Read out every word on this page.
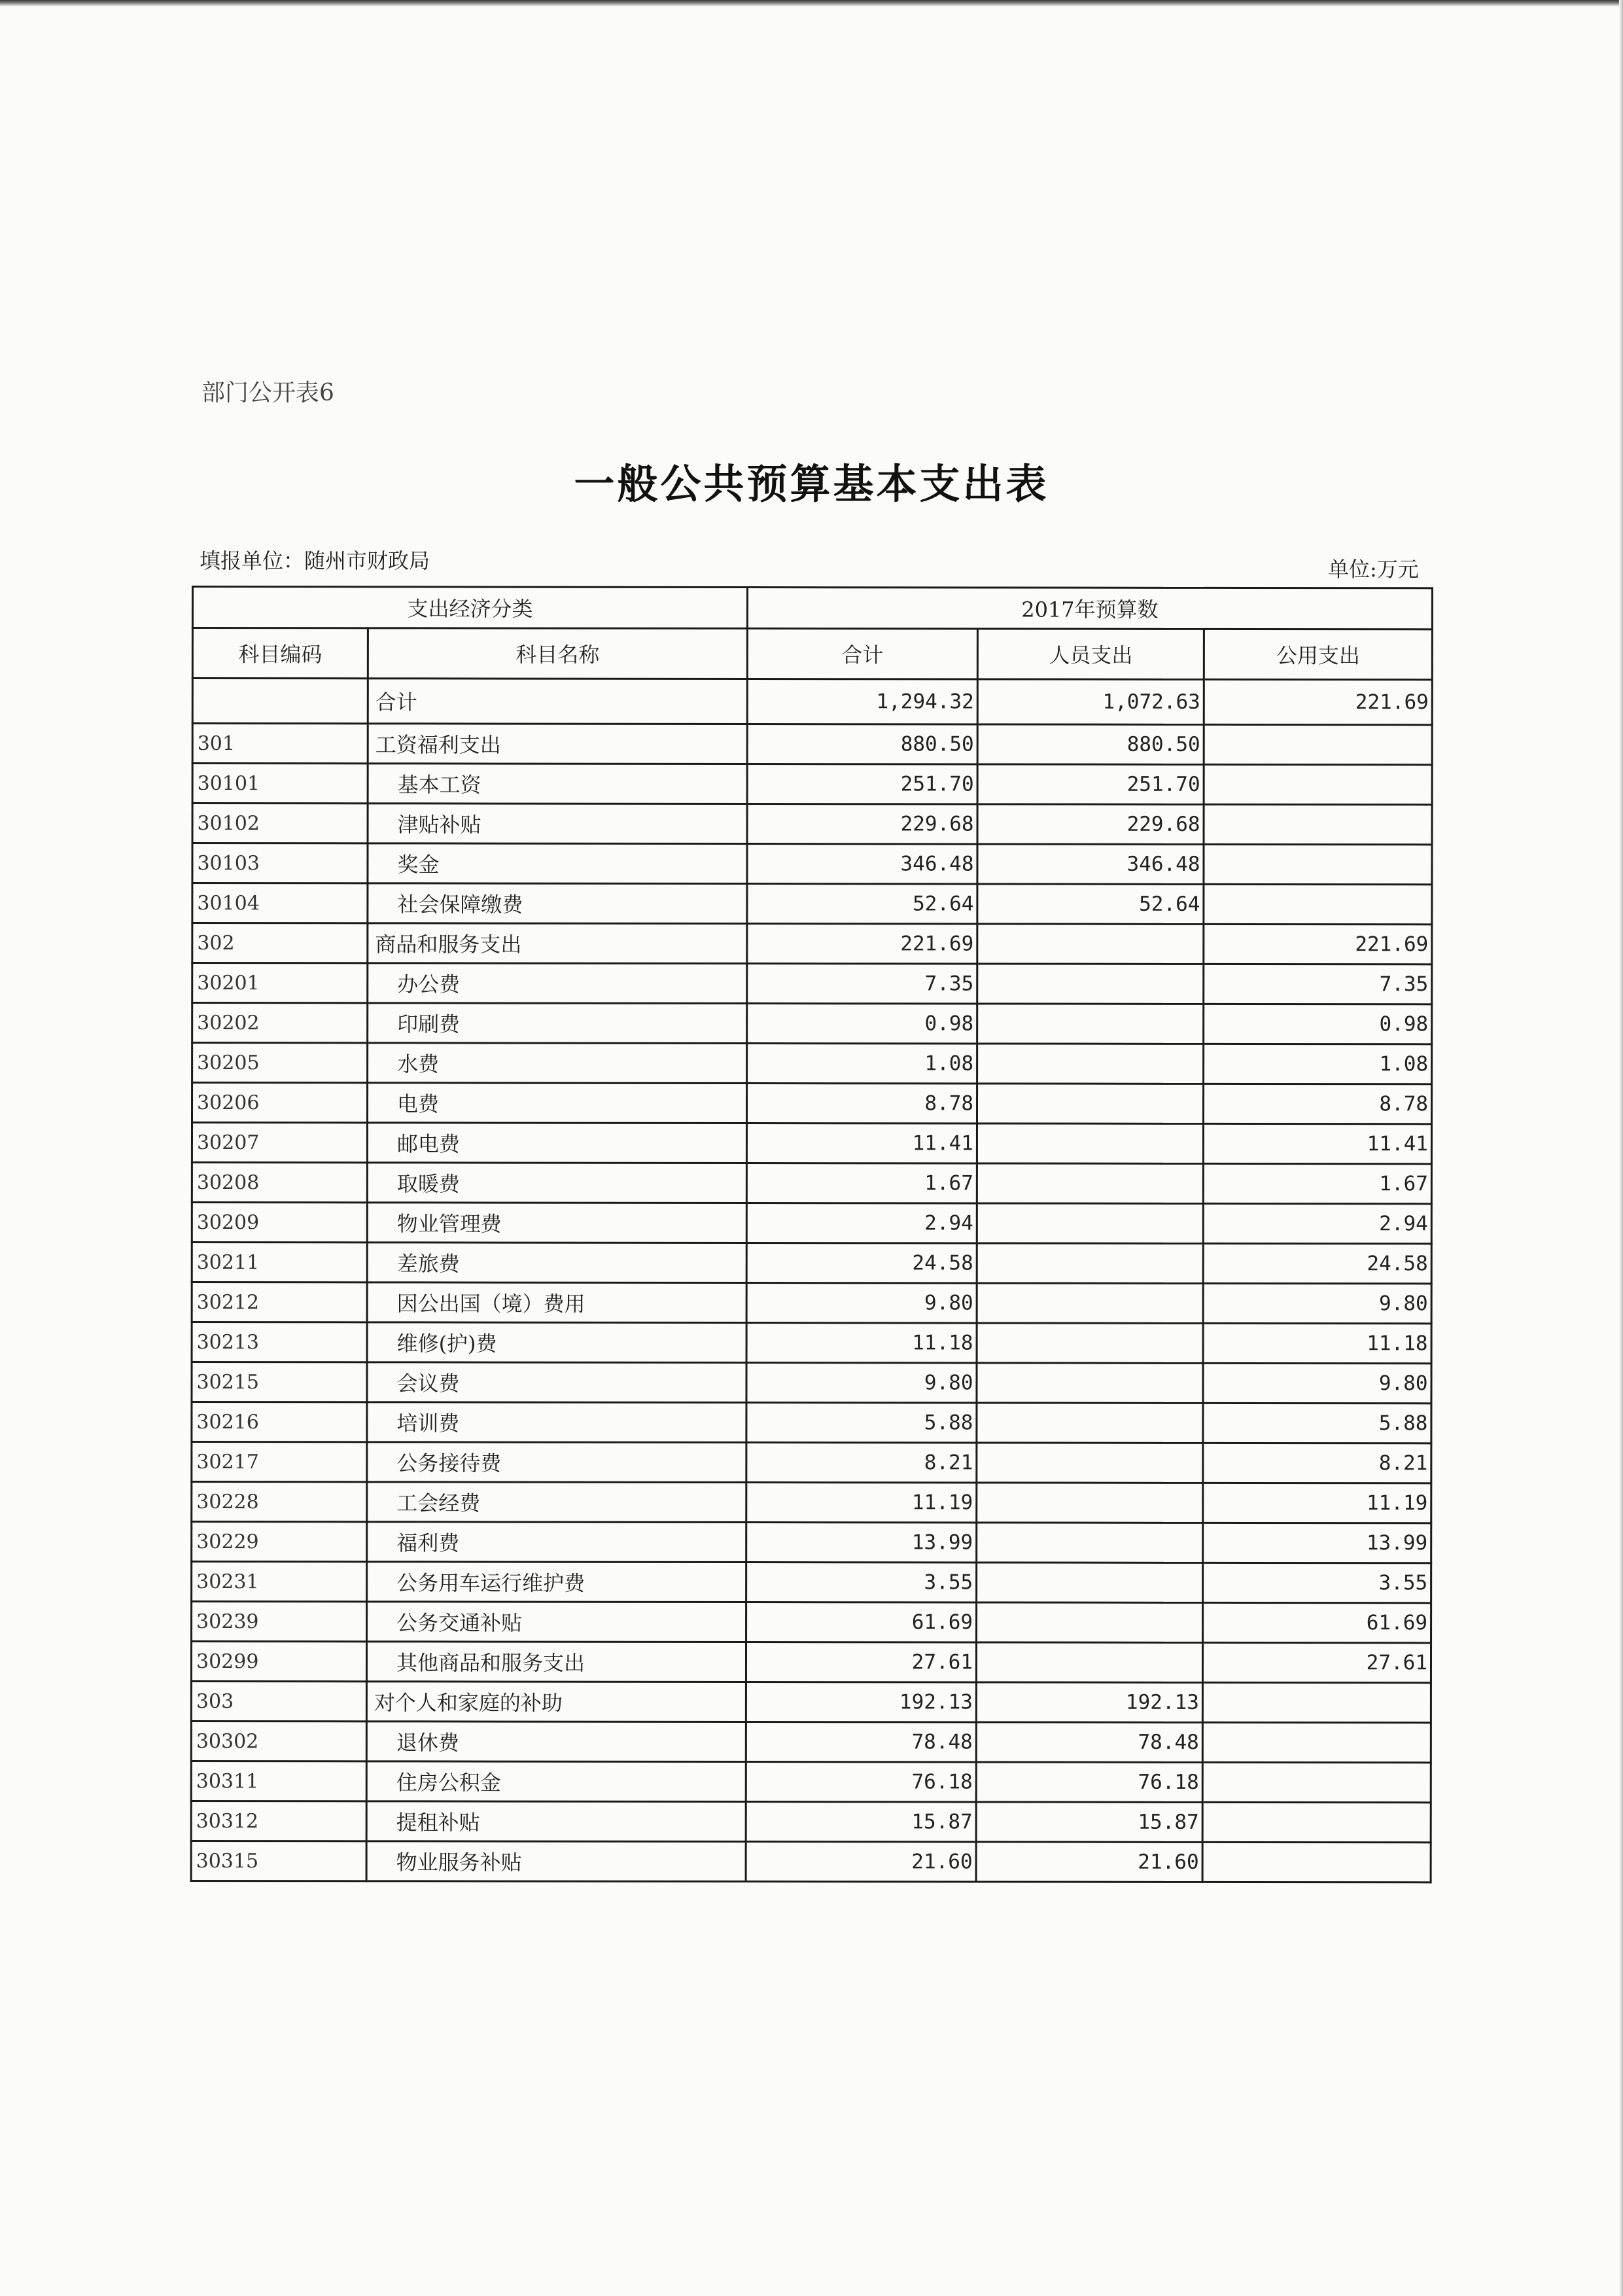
部门公开表6
一般公共预算基本支出表
填报单位：随州市财政局	单位:万元
支出经济分类		2017年预算数		
科目编码	科目名称	合计	人员支出	公用支出
	合计	1,294.32	1,072.63	221.69
301	工资福利支出	880.50	880.50	
30101	基本工资	251.70	251.70	
30102	津贴补贴	229.68	229.68	
30103	奖金	346.48	346.48	
30104	社会保障缴费	52.64	52.64	
302	商品和服务支出	221.69		221.69
30201	办公费	7.35		7.35
30202	印刷费	0.98		0.98
30205	水费	1.08		1.08
30206	电费	8.78		8.78
30207	邮电费	11.41		11.41
30208	取暖费	1.67		1.67
30209	物业管理费	2.94		2.94
30211	差旅费	24.58		24.58
30212	因公出国（境）费用	9.80		9.80
30213	维修(护)费	11.18		11.18
30215	会议费	9.80		9.80
30216	培训费	5.88		5.88
30217	公务接待费	8.21		8.21
30228	工会经费	11.19		11.19
30229	福利费	13.99		13.99
30231	公务用车运行维护费	3.55		3.55
30239	公务交通补贴	61.69		61.69
30299	其他商品和服务支出	27.61		27.61
303	对个人和家庭的补助	192.13	192.13	
30302	退休费	78.48	78.48	
30311	住房公积金	76.18	76.18	
30312	提租补贴	15.87	15.87	
30315	物业服务补贴	21.60	21.60	
